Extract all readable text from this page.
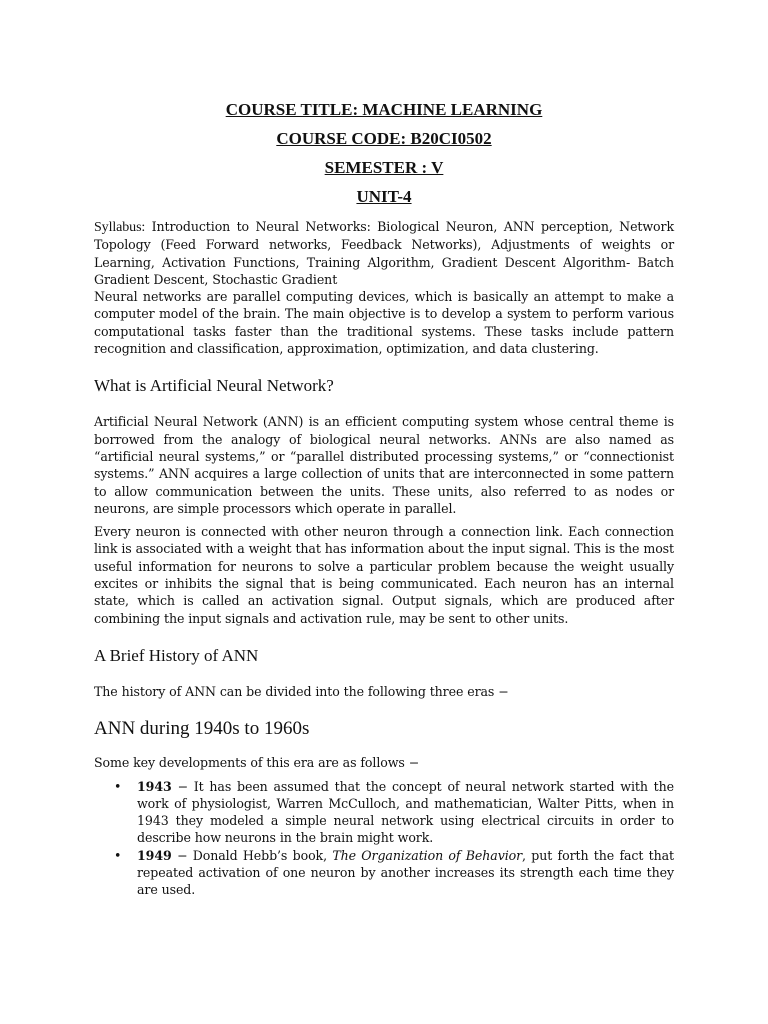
COURSE TITLE: MACHINE LEARNING

COURSE CODE: B20CI0502

SEMESTER : V

UNIT-4

Syllabus: Introduction to Neural Networks: Biological Neuron, ANN perception, Network Topology (Feed Forward networks, Feedback Networks), Adjustments of weights or Learning, Activation Functions, Training Algorithm, Gradient Descent Algorithm- Batch Gradient Descent, Stochastic Gradient

Neural networks are parallel computing devices, which is basically an attempt to make a computer model of the brain. The main objective is to develop a system to perform various computational tasks faster than the traditional systems. These tasks include pattern recognition and classification, approximation, optimization, and data clustering.

What is Artificial Neural Network?

Artificial Neural Network (ANN) is an efficient computing system whose central theme is borrowed from the analogy of biological neural networks. ANNs are also named as “artificial neural systems,” or “parallel distributed processing systems,” or “connectionist systems.” ANN acquires a large collection of units that are interconnected in some pattern to allow communication between the units. These units, also referred to as nodes or neurons, are simple processors which operate in parallel.

Every neuron is connected with other neuron through a connection link. Each connection link is associated with a weight that has information about the input signal. This is the most useful information for neurons to solve a particular problem because the weight usually excites or inhibits the signal that is being communicated. Each neuron has an internal state, which is called an activation signal. Output signals, which are produced after combining the input signals and activation rule, may be sent to other units.

A Brief History of ANN

The history of ANN can be divided into the following three eras −

ANN during 1940s to 1960s

Some key developments of this era are as follows −

• 1943 − It has been assumed that the concept of neural network started with the work of physiologist, Warren McCulloch, and mathematician, Walter Pitts, when in 1943 they modeled a simple neural network using electrical circuits in order to describe how neurons in the brain might work.
• 1949 − Donald Hebb’s book, The Organization of Behavior, put forth the fact that repeated activation of one neuron by another increases its strength each time they are used.
